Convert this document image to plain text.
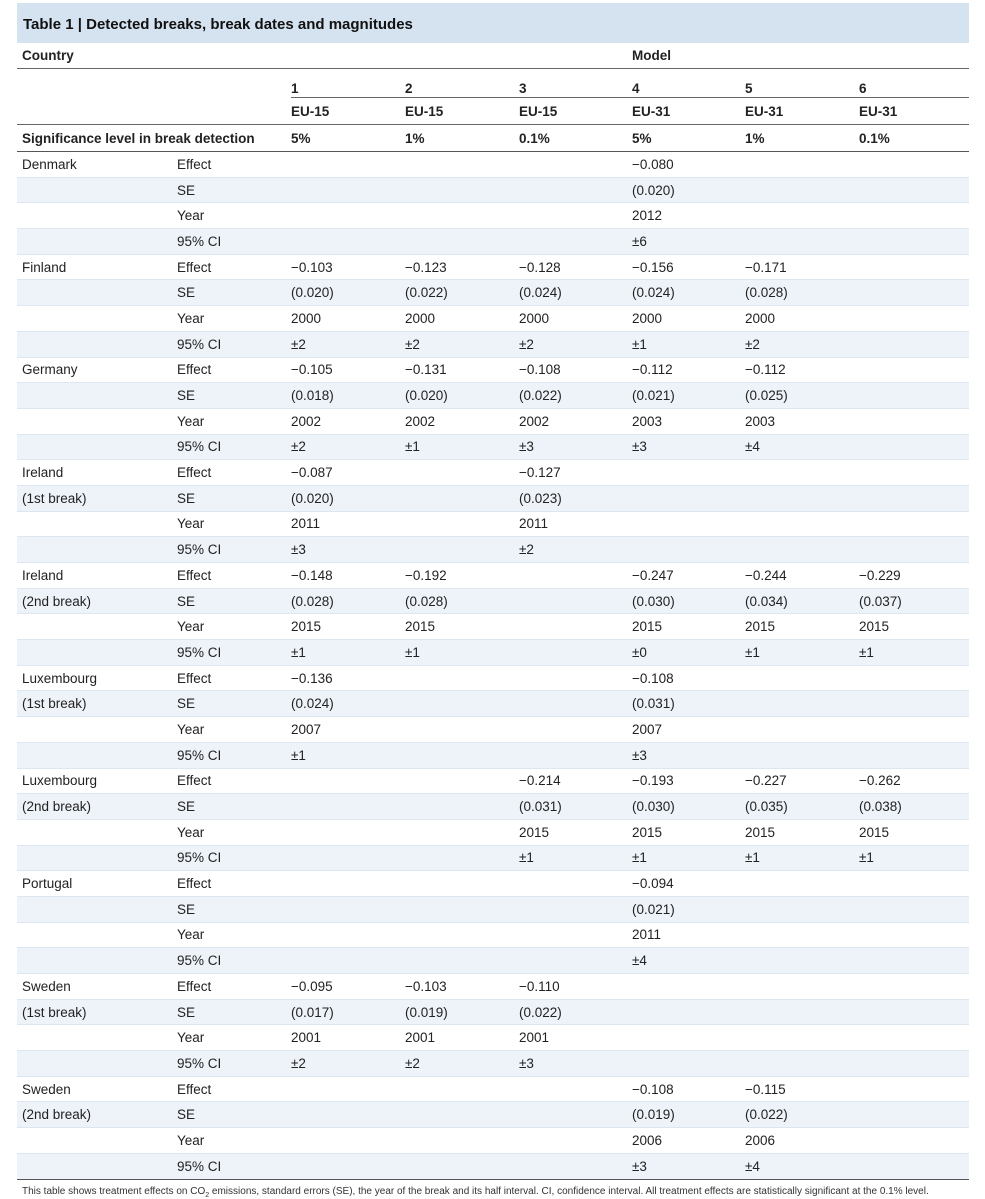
Table 1 | Detected breaks, break dates and magnitudes
Country					Model		
		1	2	3	4	5	6
		EU-15	EU-15	EU-15	EU-31	EU-31	EU-31
Significance level in break detection		5%	1%	0.1%	5%	1%	0.1%
Denmark	Effect				−0.080		
	SE				(0.020)		
	Year				2012		
	95% CI				±6		
Finland	Effect	−0.103	−0.123	−0.128	−0.156	−0.171	
	SE	(0.020)	(0.022)	(0.024)	(0.024)	(0.028)	
	Year	2000	2000	2000	2000	2000	
	95% CI	±2	±2	±2	±1	±2	
Germany	Effect	−0.105	−0.131	−0.108	−0.112	−0.112	
	SE	(0.018)	(0.020)	(0.022)	(0.021)	(0.025)	
	Year	2002	2002	2002	2003	2003	
	95% CI	±2	±1	±3	±3	±4	
Ireland	Effect	−0.087		−0.127			
(1st break)	SE	(0.020)		(0.023)			
	Year	2011		2011			
	95% CI	±3		±2			
Ireland	Effect	−0.148	−0.192		−0.247	−0.244	−0.229
(2nd break)	SE	(0.028)	(0.028)		(0.030)	(0.034)	(0.037)
	Year	2015	2015		2015	2015	2015
	95% CI	±1	±1		±0	±1	±1
Luxembourg	Effect	−0.136			−0.108		
(1st break)	SE	(0.024)			(0.031)		
	Year	2007			2007		
	95% CI	±1			±3		
Luxembourg	Effect			−0.214	−0.193	−0.227	−0.262
(2nd break)	SE			(0.031)	(0.030)	(0.035)	(0.038)
	Year			2015	2015	2015	2015
	95% CI			±1	±1	±1	±1
Portugal	Effect				−0.094		
	SE				(0.021)		
	Year				2011		
	95% CI				±4		
Sweden	Effect	−0.095	−0.103	−0.110			
(1st break)	SE	(0.017)	(0.019)	(0.022)			
	Year	2001	2001	2001			
	95% CI	±2	±2	±3			
Sweden	Effect				−0.108	−0.115	
(2nd break)	SE				(0.019)	(0.022)	
	Year				2006	2006	
	95% CI				±3	±4	
This table shows treatment effects on $CO_2$ emissions, standard errors (SE), the year of the break and its half interval. CI, confidence interval. All treatment effects are statistically significant at the 0.1% level.
